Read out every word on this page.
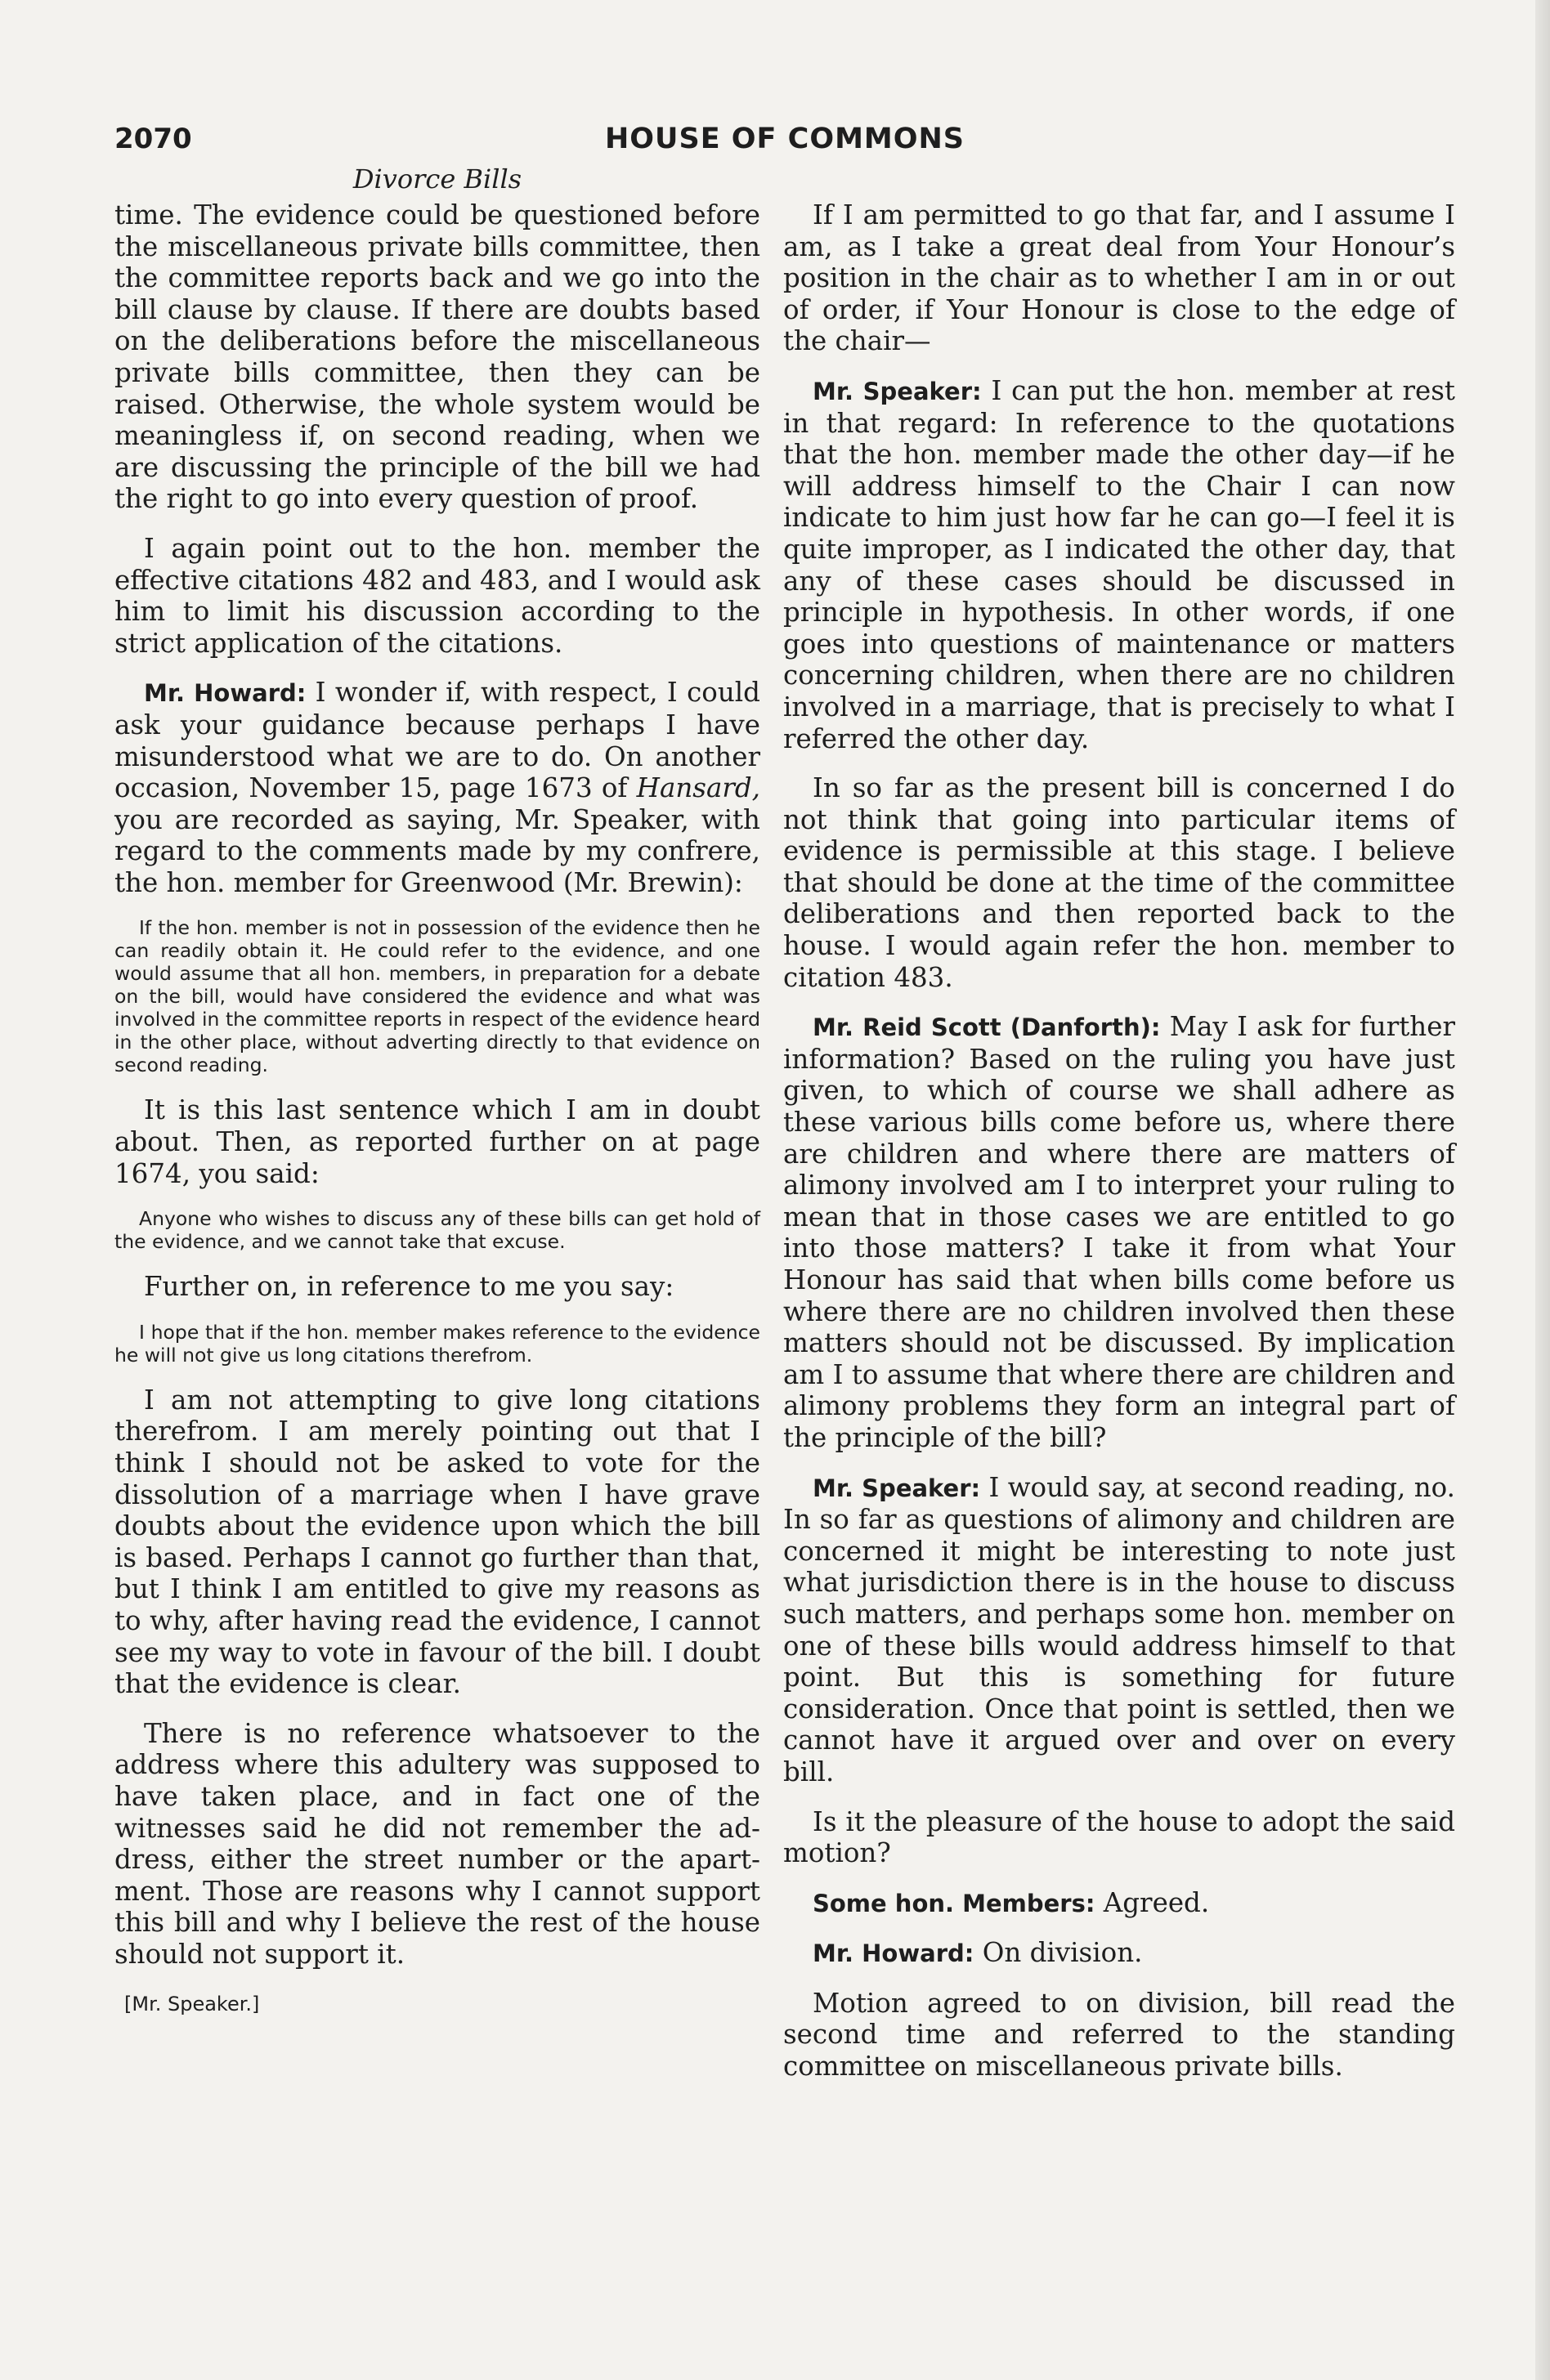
2070	HOUSE OF COMMONS
Divorce Bills

time. The evidence could be questioned before the miscellaneous private bills committee, then the committee reports back and we go into the bill clause by clause. If there are doubts based on the deliberations before the miscellaneous private bills committee, then they can be raised. Otherwise, the whole system would be meaningless if, on second reading, when we are discussing the principle of the bill we had the right to go into every question of proof.

I again point out to the hon. member the effective citations 482 and 483, and I would ask him to limit his discussion according to the strict application of the citations.

Mr. Howard: I wonder if, with respect, I could ask your guidance because perhaps I have misunderstood what we are to do. On another occasion, November 15, page 1673 of Hansard, you are recorded as saying, Mr. Speaker, with regard to the comments made by my confrere, the hon. member for Greenwood (Mr. Brewin):

If the hon. member is not in possession of the evidence then he can readily obtain it. He could refer to the evidence, and one would assume that all hon. members, in preparation for a debate on the bill, would have considered the evidence and what was involved in the committee reports in respect of the evidence heard in the other place, without adverting directly to that evidence on second reading.

It is this last sentence which I am in doubt about. Then, as reported further on at page 1674, you said:

Anyone who wishes to discuss any of these bills can get hold of the evidence, and we cannot take that excuse.

Further on, in reference to me you say:

I hope that if the hon. member makes reference to the evidence he will not give us long citations therefrom.

I am not attempting to give long citations therefrom. I am merely pointing out that I think I should not be asked to vote for the dissolution of a marriage when I have grave doubts about the evidence upon which the bill is based. Perhaps I cannot go further than that, but I think I am entitled to give my reasons as to why, after having read the evidence, I cannot see my way to vote in favour of the bill. I doubt that the evidence is clear.

There is no reference whatsoever to the address where this adultery was supposed to have taken place, and in fact one of the witnesses said he did not remember the address, either the street number or the apartment. Those are reasons why I cannot support this bill and why I believe the rest of the house should not support it.

[Mr. Speaker.]

If I am permitted to go that far, and I assume I am, as I take a great deal from Your Honour’s position in the chair as to whether I am in or out of order, if Your Honour is close to the edge of the chair—

Mr. Speaker: I can put the hon. member at rest in that regard: In reference to the quotations that the hon. member made the other day—if he will address himself to the Chair I can now indicate to him just how far he can go—I feel it is quite improper, as I indicated the other day, that any of these cases should be discussed in principle in hypothesis. In other words, if one goes into questions of maintenance or matters concerning children, when there are no children involved in a marriage, that is precisely to what I referred the other day.

In so far as the present bill is concerned I do not think that going into particular items of evidence is permissible at this stage. I believe that should be done at the time of the committee deliberations and then reported back to the house. I would again refer the hon. member to citation 483.

Mr. Reid Scott (Danforth): May I ask for further information? Based on the ruling you have just given, to which of course we shall adhere as these various bills come before us, where there are children and where there are matters of alimony involved am I to interpret your ruling to mean that in those cases we are entitled to go into those matters? I take it from what Your Honour has said that when bills come before us where there are no children involved then these matters should not be discussed. By implication am I to assume that where there are children and alimony problems they form an integral part of the principle of the bill?

Mr. Speaker: I would say, at second reading, no. In so far as questions of alimony and children are concerned it might be interesting to note just what jurisdiction there is in the house to discuss such matters, and perhaps some hon. member on one of these bills would address himself to that point. But this is something for future consideration. Once that point is settled, then we cannot have it argued over and over on every bill.

Is it the pleasure of the house to adopt the said motion?

Some hon. Members: Agreed.

Mr. Howard: On division.

Motion agreed to on division, bill read the second time and referred to the standing committee on miscellaneous private bills.
